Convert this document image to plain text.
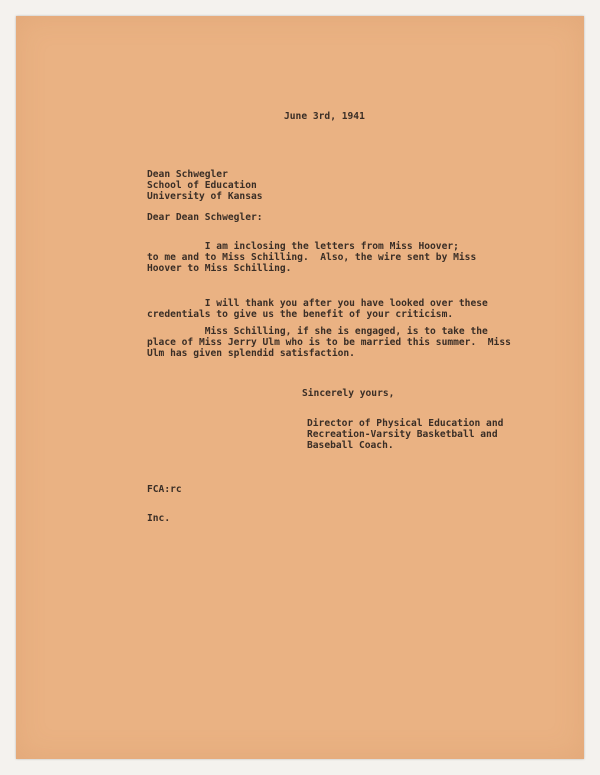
June 3rd, 1941

Dean Schwegler
School of Education
University of Kansas

Dear Dean Schwegler:

I am inclosing the letters from Miss Hoover;
to me and to Miss Schilling.  Also, the wire sent by Miss
Hoover to Miss Schilling.

I will thank you after you have looked over these
credentials to give us the benefit of your criticism.

Miss Schilling, if she is engaged, is to take the
place of Miss Jerry Ulm who is to be married this summer.  Miss
Ulm has given splendid satisfaction.

Sincerely yours,

Director of Physical Education and
Recreation-Varsity Basketball and
Baseball Coach.

FCA:rc

Inc.
